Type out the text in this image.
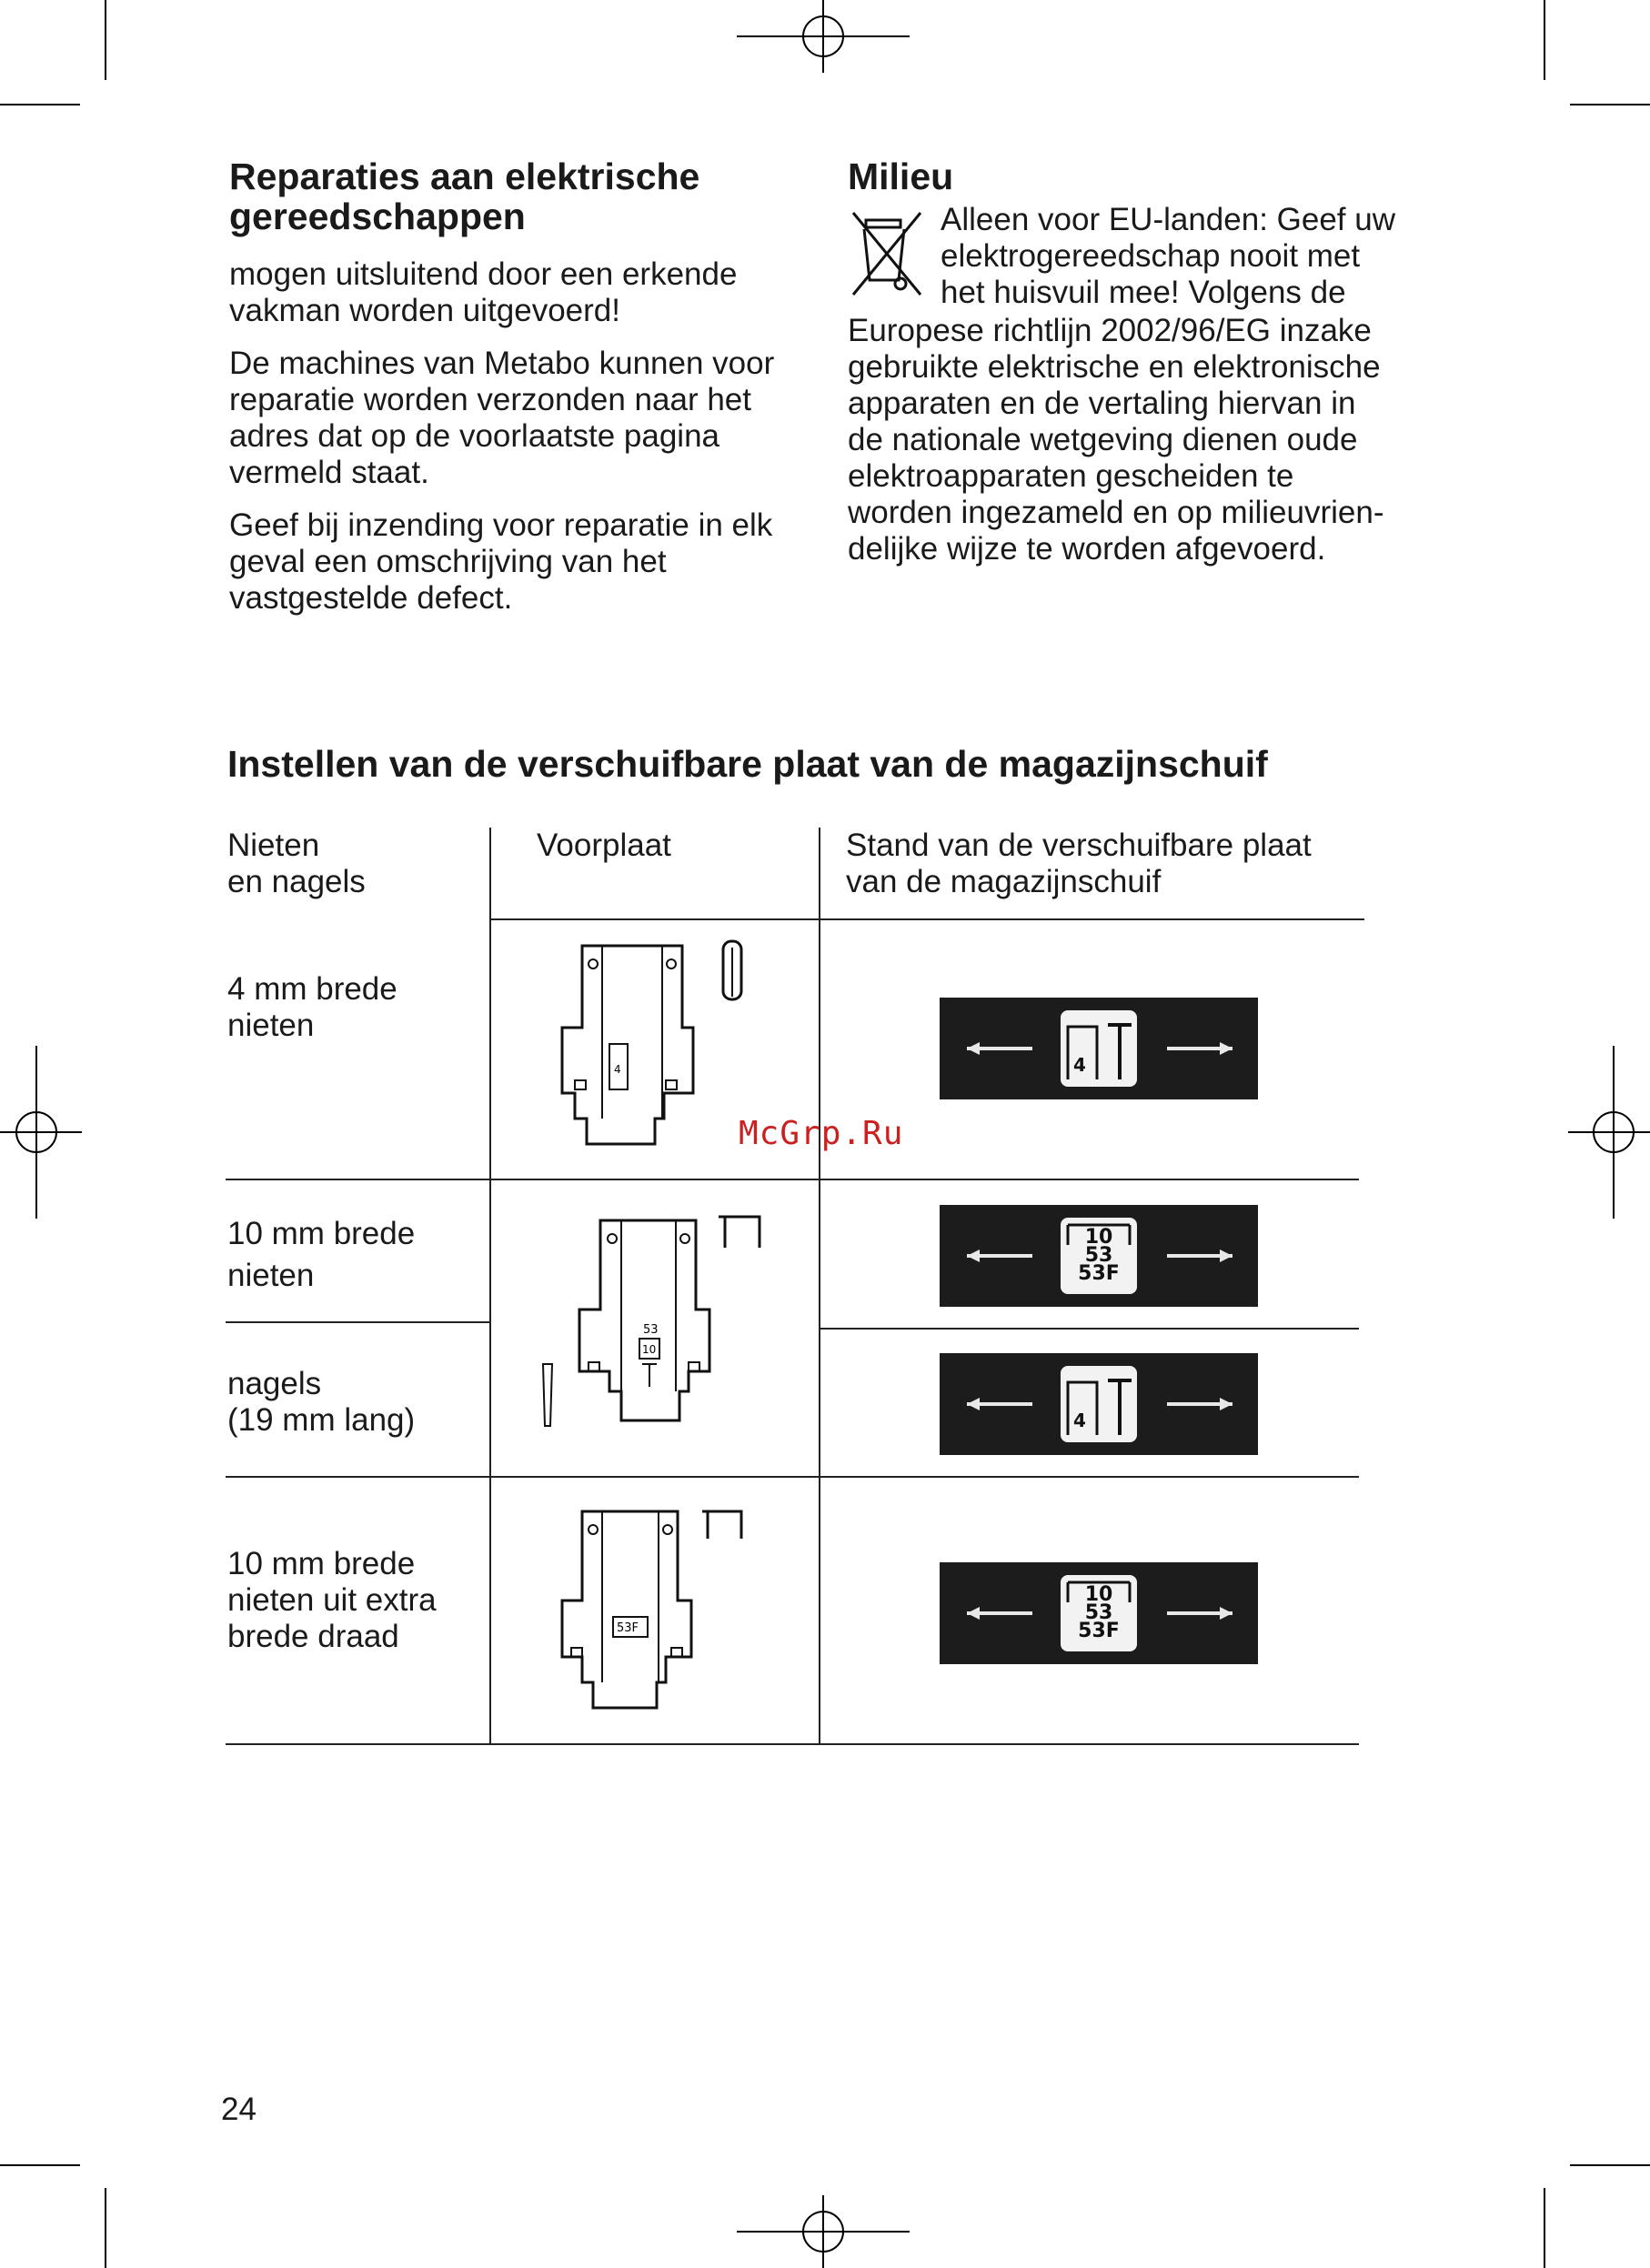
Reparaties aan elektrische
gereedschappen

mogen uitsluitend door een erkende
vakman worden uitgevoerd!

De machines van Metabo kunnen voor
reparatie worden verzonden naar het
adres dat op de voorlaatste pagina
vermeld staat.

Geef bij inzending voor reparatie in elk
geval een omschrijving van het
vastgestelde defect.

Milieu
Alleen voor EU-landen: Geef uw
elektrogereedschap nooit met
het huisvuil mee! Volgens de
Europese richtlijn 2002/96/EG inzake
gebruikte elektrische en elektronische
apparaten en de vertaling hiervan in
de nationale wetgeving dienen oude
elektroapparaten gescheiden te
worden ingezameld en op milieuvrien-
delijke wijze te worden afgevoerd.
Instellen van de verschuifbare plaat van de magazijnschuif
Nieten
en nagels
Voorplaat	Stand van de verschuifbare plaat
van de magazijnschuif
4 mm brede
nieten
10 mm brede
nieten
nagels
(19 mm lang)
10 mm brede
nieten uit extra
brede draad
4
53
10
53F
4
10
53
53F
4
10
53
53F
McGrp.Ru
24
